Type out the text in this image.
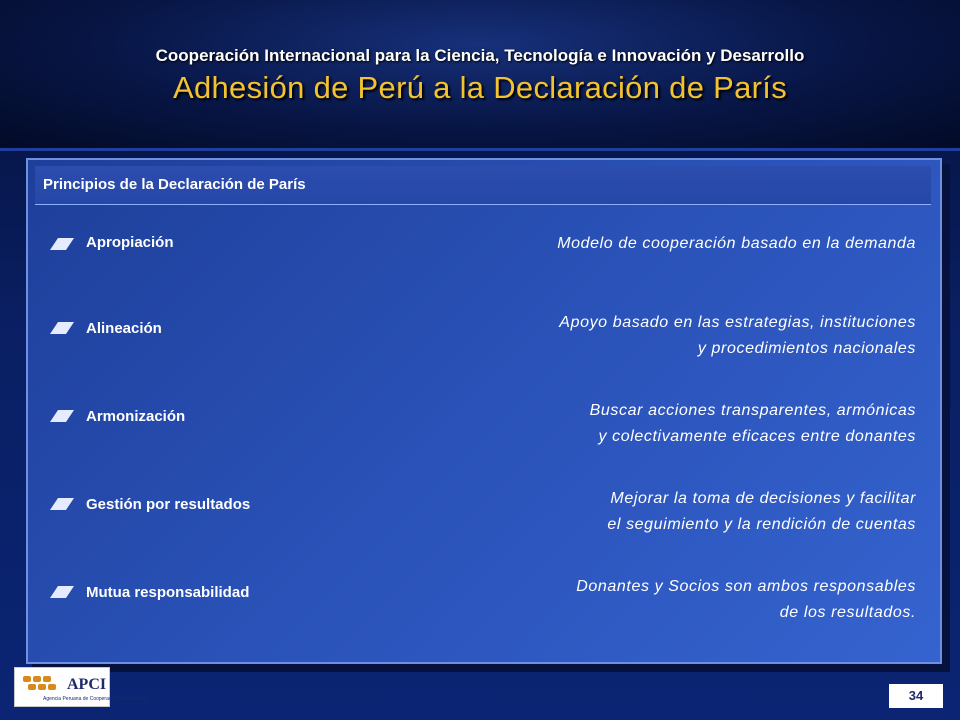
Cooperación Internacional para la Ciencia, Tecnología e Innovación y Desarrollo
Adhesión de Perú a la Declaración de París
Principios de la Declaración de París
Apropiación	Modelo de cooperación basado en la demanda
Alineación	Apoyo basado en las estrategias, instituciones
y procedimientos nacionales
Armonización	Buscar acciones transparentes, armónicas
y colectivamente eficaces entre donantes
Gestión por resultados	Mejorar la toma de decisiones y facilitar
el seguimiento y la rendición de cuentas
Mutua responsabilidad	Donantes y Socios son ambos responsables
de los resultados.
APCI
Agencia Peruana de Cooperación Internacional	34
